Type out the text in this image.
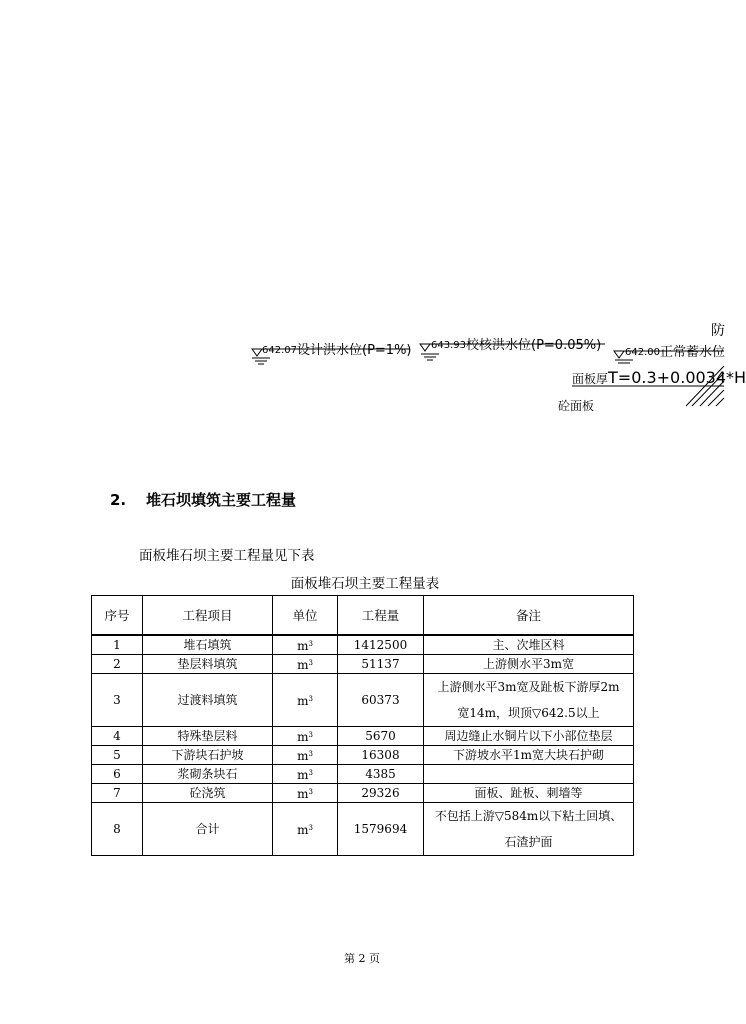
642.07设计洪水位(P=1%) 643.93校核洪水位(P=0.05%) 642.00正常蓄水位
防
面板厚T=0.3+0.0034*H
砼面板
2. 堆石坝填筑主要工程量
面板堆石坝主要工程量见下表
面板堆石坝主要工程量表
序号	工程项目	单位	工程量	备注
1	堆石填筑	$m^3$	1412500	主、次堆区料

2	垫层料填筑	$m^3$	51137	上游侧水平3m宽

3	过渡料填筑	$m^3$	60373	上游侧水平3m宽及趾板下游厚2m
宽14m，坝顶▽642.5以上

4	特殊垫层料	$m^3$	5670	周边缝止水铜片以下小部位垫层

5	下游块石护坡	$m^3$	16308	下游坡水平1m宽大块石护砌

6	浆砌条块石	$m^3$	4385	

7	砼浇筑	$m^3$	29326	面板、趾板、刺墙等

8	合计	$m^3$	1579694	不包括上游▽584m以下粘土回填、
石渣护面
第 2 页
